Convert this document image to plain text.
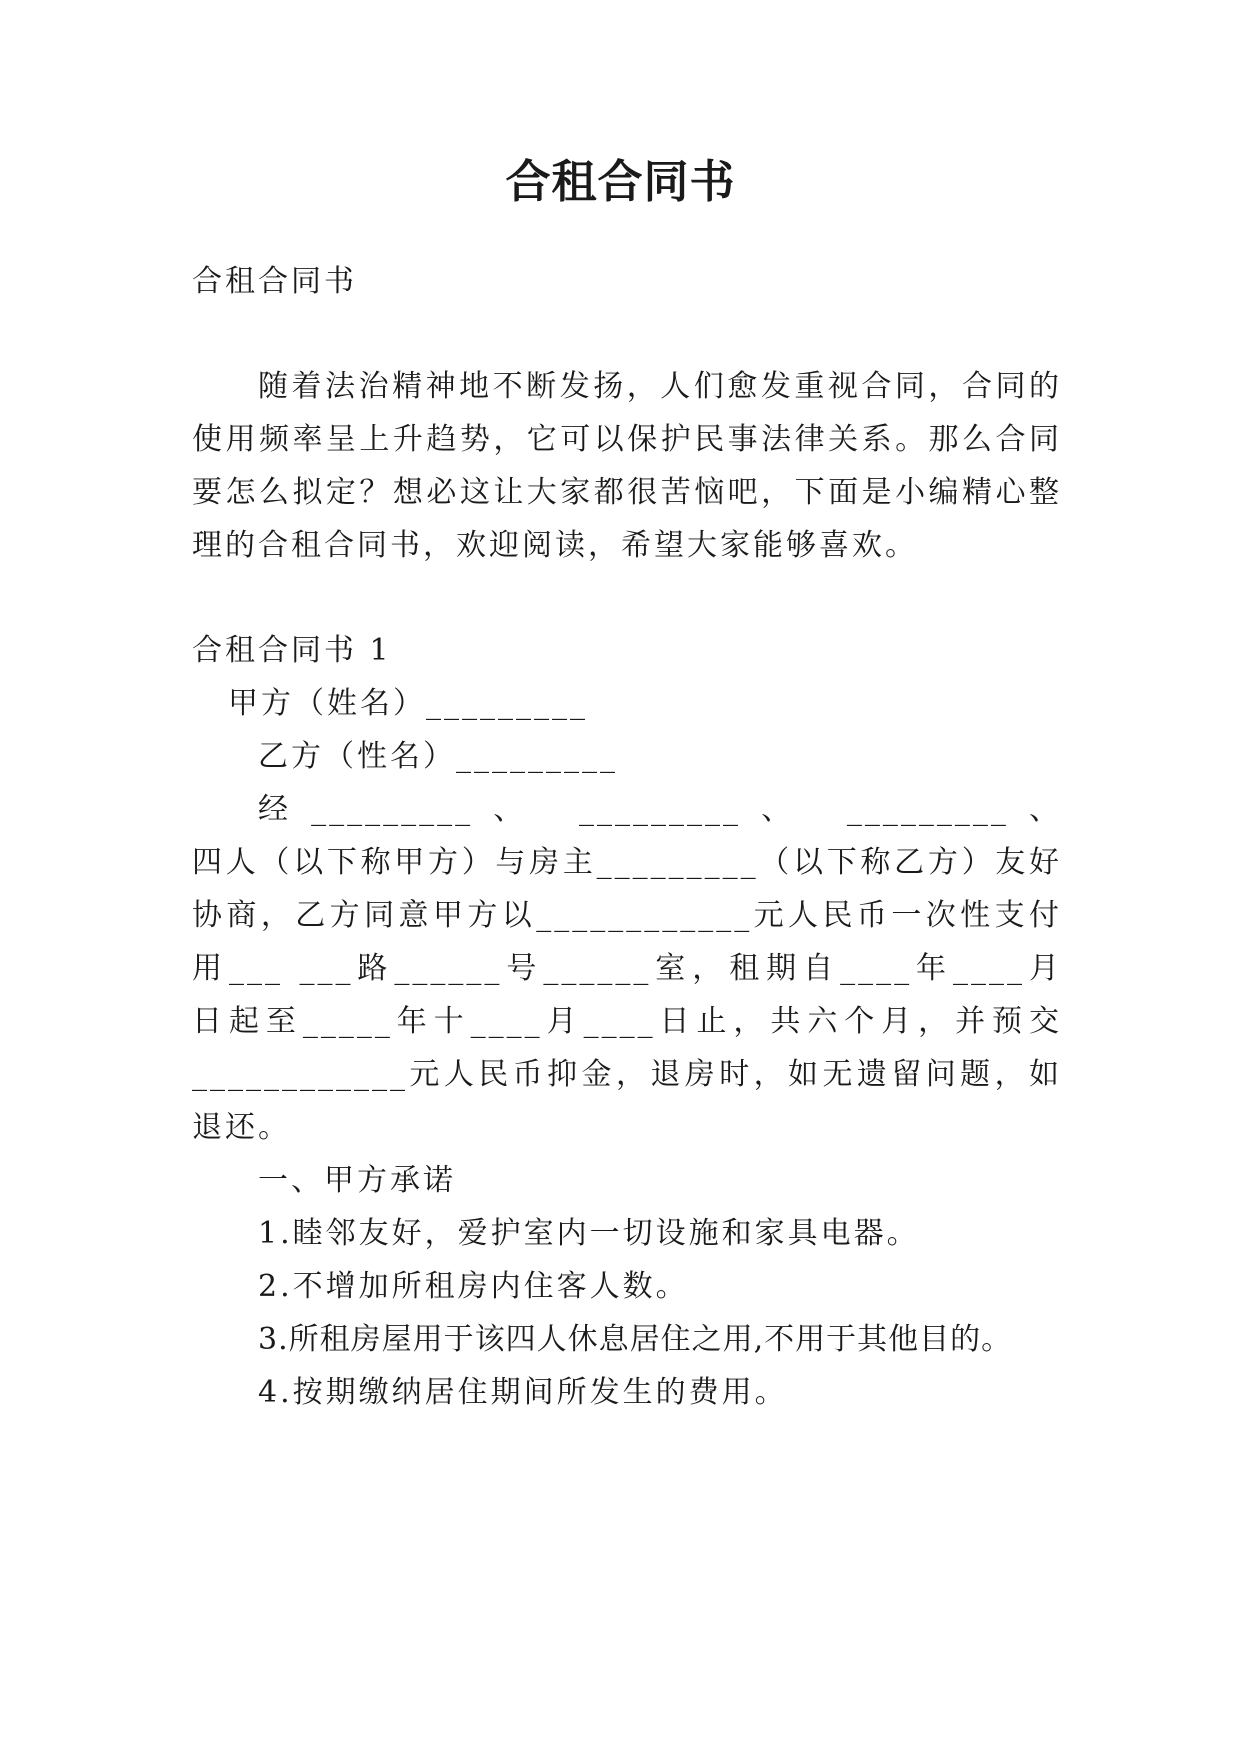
合租合同书
合租合同书
随着法治精神地不断发扬，人们愈发重视合同，合同的
使用频率呈上升趋势，它可以保护民事法律关系。那么合同
要怎么拟定？想必这让大家都很苦恼吧，下面是小编精心整
理的合租合同书，欢迎阅读，希望大家能够喜欢。
合租合同书 1
甲方（姓名）_________
乙方（性名）_________
经_________、 _________、 _________、
四人（以下称甲方）与房主_________（以下称乙方）友好
协商，乙方同意甲方以____________元人民币一次性支付
用___ ___路______号______室，租期自____年____月
日起至_____年十____月____日止，共六个月，并预交
____________元人民币抑金，退房时，如无遗留问题，如
退还。
一、甲方承诺
1.睦邻友好，爱护室内一切设施和家具电器。
2.不增加所租房内住客人数。
3.所租房屋用于该四人休息居住之用,不用于其他目的。
4.按期缴纳居住期间所发生的费用。
